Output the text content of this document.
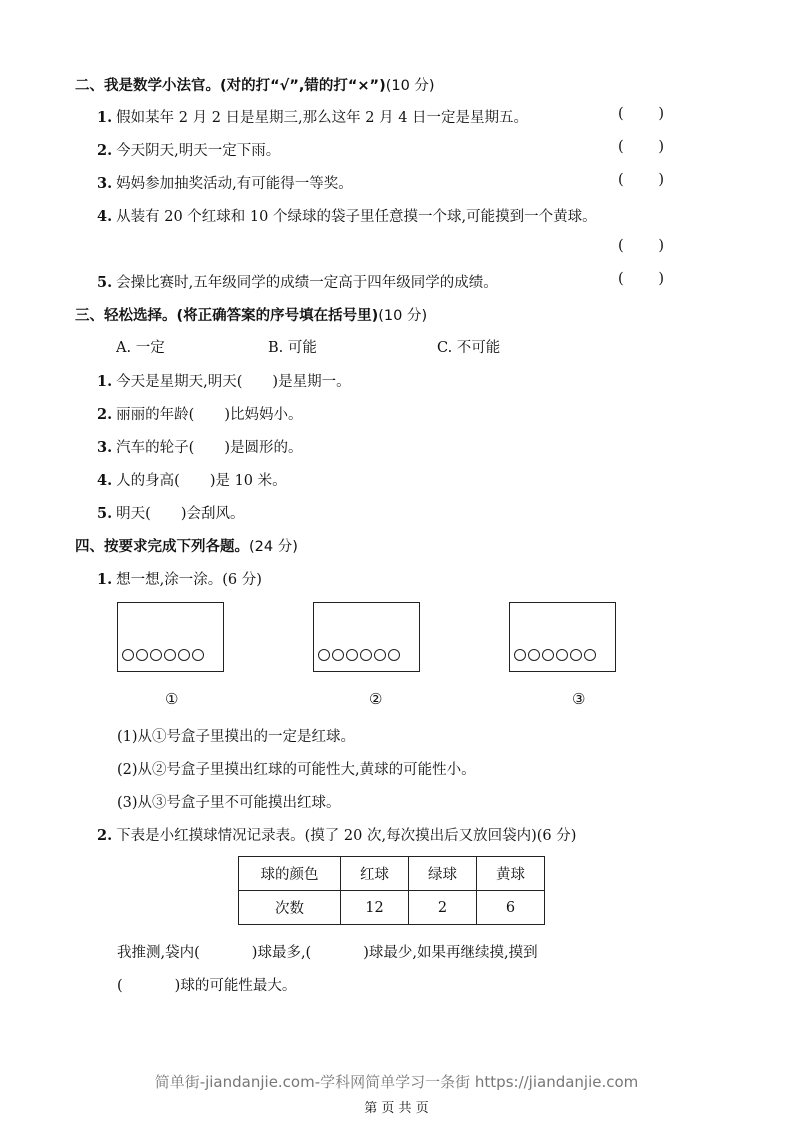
二、我是数学小法官。(对的打“√”,错的打“×”)(10 分)
1. 假如某年 2 月 2 日是星期三,那么这年 2 月 4 日一定是星期五。	( )
2. 今天阴天,明天一定下雨。	( )
3. 妈妈参加抽奖活动,有可能得一等奖。	( )
4. 从装有 20 个红球和 10 个绿球的袋子里任意摸一个球,可能摸到一个黄球。
( )
5. 会操比赛时,五年级同学的成绩一定高于四年级同学的成绩。	( )
三、轻松选择。(将正确答案的序号填在括号里)(10 分)
A. 一定	B. 可能	C. 不可能
1. 今天是星期天,明天( )是星期一。
2. 丽丽的年龄( )比妈妈小。
3. 汽车的轮子( )是圆形的。
4. 人的身高( )是 10 米。
5. 明天( )会刮风。
四、按要求完成下列各题。(24 分)
1. 想一想,涂一涂。(6 分)
①	②	③
(1)从①号盒子里摸出的一定是红球。
(2)从②号盒子里摸出红球的可能性大,黄球的可能性小。
(3)从③号盒子里不可能摸出红球。
2. 下表是小红摸球情况记录表。(摸了 20 次,每次摸出后又放回袋内)(6 分)
球的颜色	红球	绿球	黄球
次数	12	2	6
我推测,袋内(	)球最多,(	)球最少,如果再继续摸,摸到
(	)球的可能性最大。
简单街-jiandanjie.com-学科网简单学习一条街 https://jiandanjie.com
第 页 共 页
